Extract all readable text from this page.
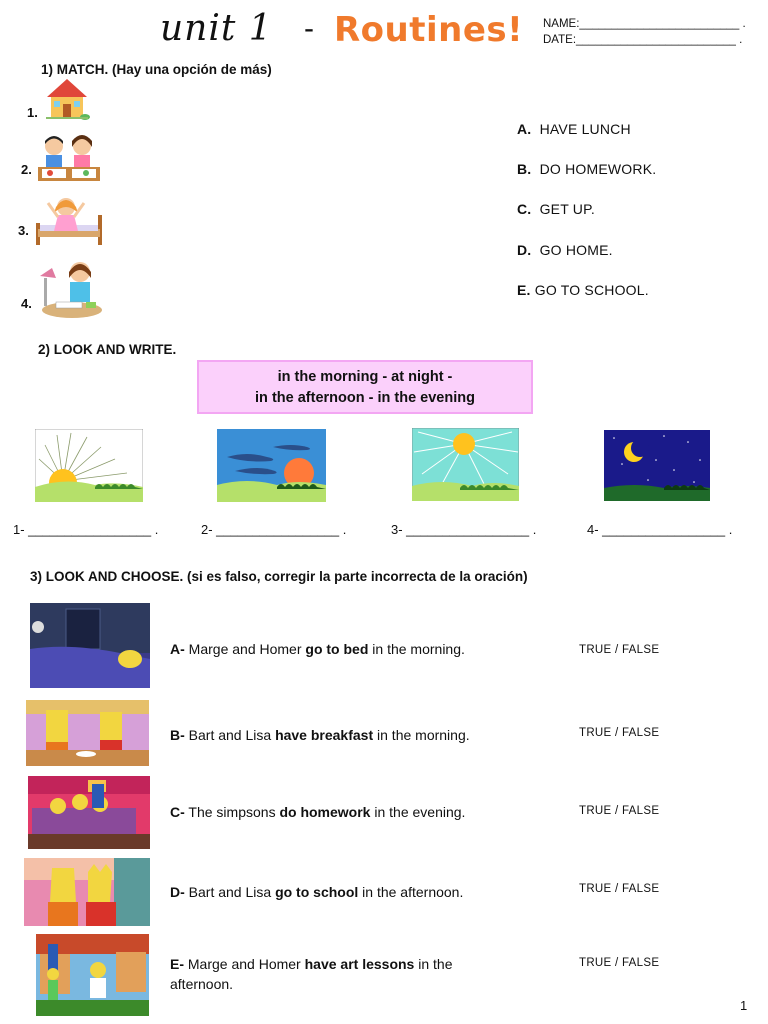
unit 1 - Routines! NAME:_________________________ .
DATE:_________________________ .
1) MATCH. (Hay una opción de más)
1.
2.
3.
4.
A. HAVE LUNCH
B. DO HOMEWORK.
C. GET UP.
D. GO HOME.
E. GO TO SCHOOL.
2) LOOK AND WRITE.
in the morning - at night -
in the afternoon - in the evening
1- _________________ .	2- _________________ .	3- _________________ .	4- _________________ .
3) LOOK AND CHOOSE. (si es falso, corregir la parte incorrecta de la oración)
A- Marge and Homer go to bed in the morning.	TRUE / FALSE
B- Bart and Lisa have breakfast in the morning.	TRUE / FALSE
C- The simpsons do homework in the evening.	TRUE / FALSE
D- Bart and Lisa go to school in the afternoon.	TRUE / FALSE
E- Marge and Homer have art lessons in the
afternoon.
TRUE / FALSE
1
